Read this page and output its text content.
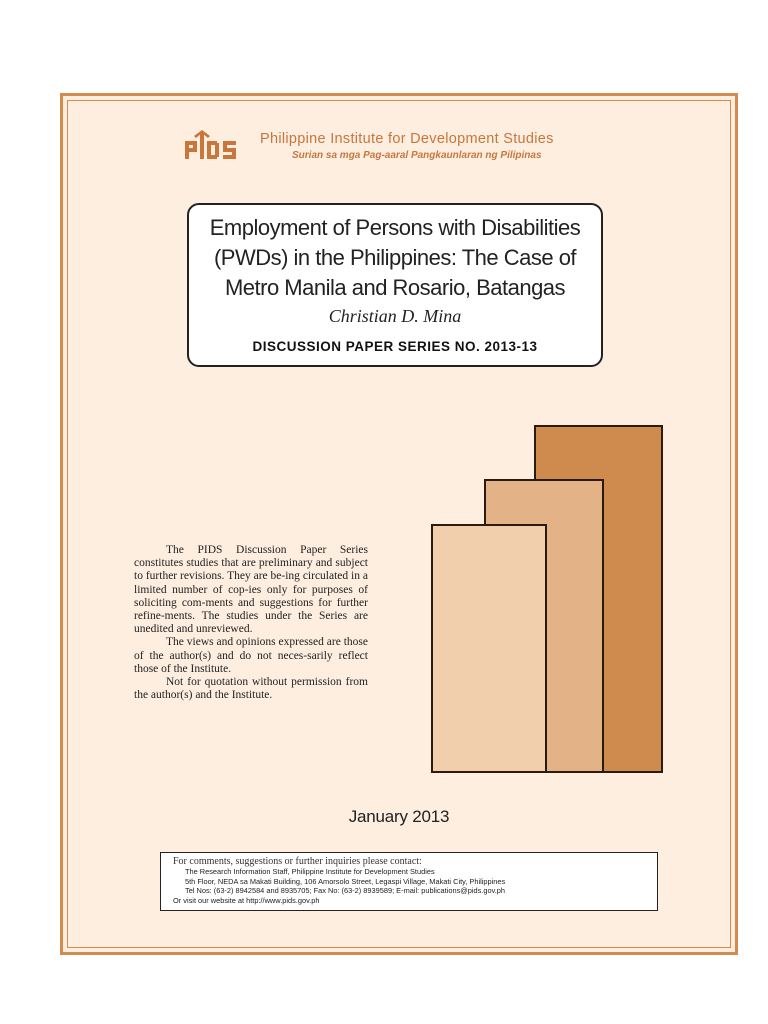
Philippine Institute for Development Studies
Surian sa mga Pag-aaral Pangkaunlaran ng Pilipinas
Employment of Persons with Disabilities
(PWDs) in the Philippines: The Case of
Metro Manila and Rosario, Batangas
Christian D. Mina
DISCUSSION PAPER SERIES NO. 2013-13

The PIDS Discussion Paper Series constitutes studies that are preliminary and subject to further revisions. They are be-ing circulated in a limited number of cop-ies only for purposes of soliciting com-ments and suggestions for further refine-ments. The studies under the Series are unedited and unreviewed.

The views and opinions expressed are those of the author(s) and do not neces-sarily reflect those of the Institute.

Not for quotation without permission from the author(s) and the Institute.

January 2013
For comments, suggestions or further inquiries please contact:
The Research Information Staff, Philippine Institute for Development Studies
5th Floor, NEDA sa Makati Building, 106 Amorsolo Street, Legaspi Village, Makati City, Philippines
Tel Nos: (63-2) 8942584 and 8935705; Fax No: (63-2) 8939589; E-mail: publications@pids.gov.ph
Or visit our website at http://www.pids.gov.ph
